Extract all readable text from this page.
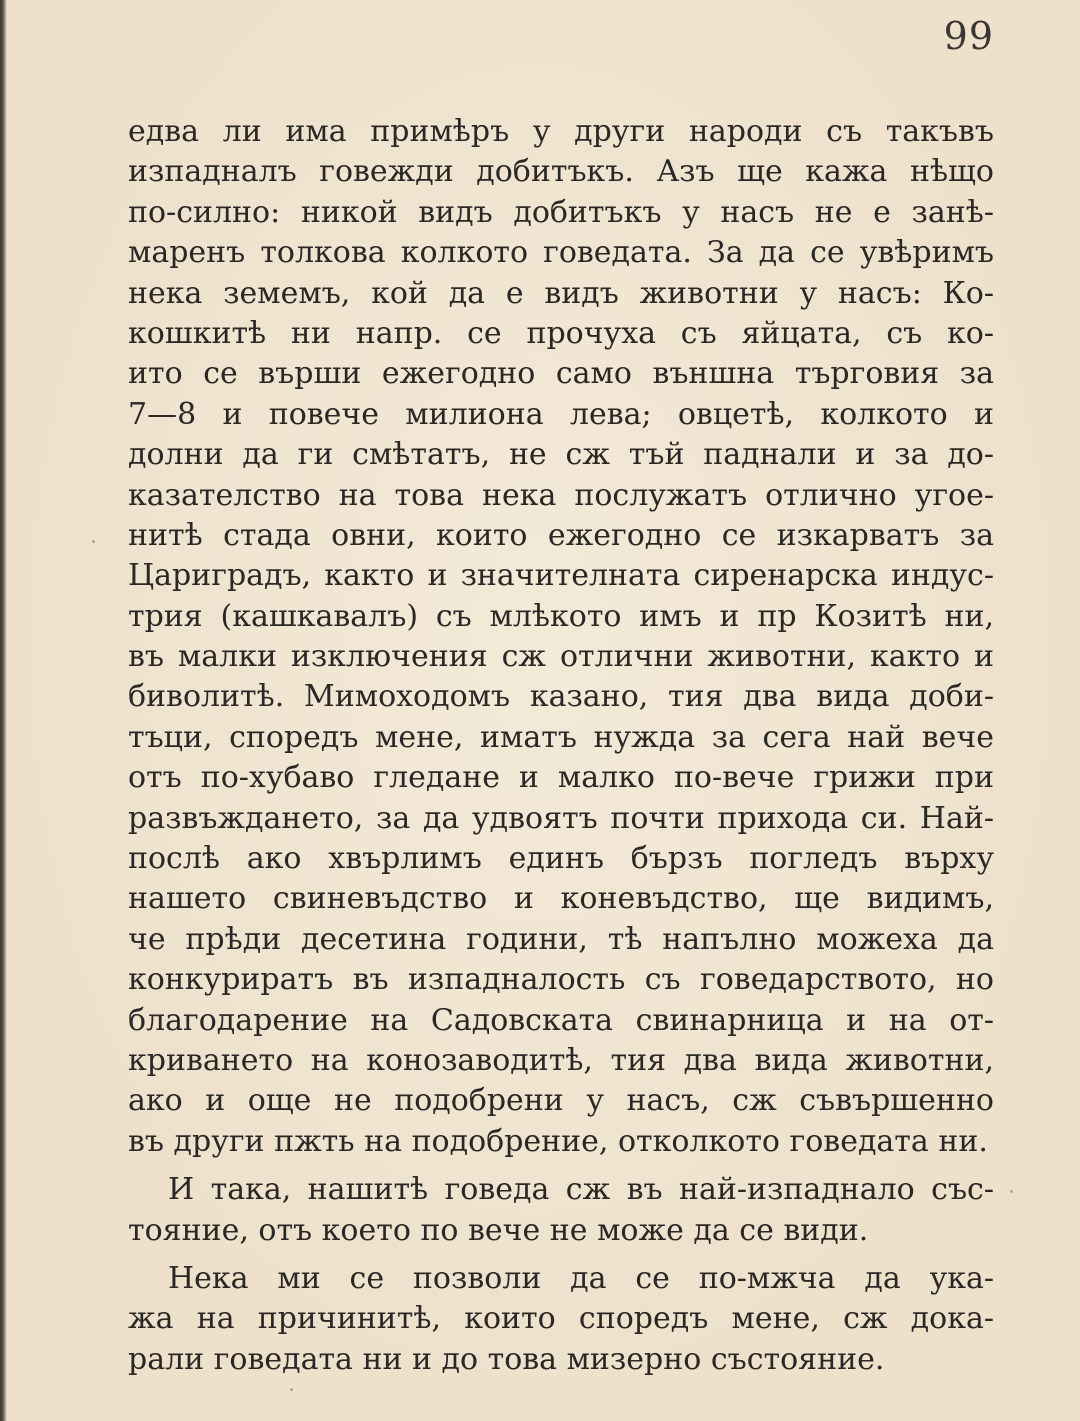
99
едва ли има примѣръ у други народи съ такъвъ
изпадналъ говежди добитъкъ. Азъ ще кажа нѣщо
по-силно: никой видъ добитъкъ у насъ не е занѣ-
маренъ толкова колкото говедата. За да се увѣримъ
нека земемъ, кой да е видъ животни у насъ: Ко-
кошкитѣ ни напр. се прочуха съ яйцата, съ ко-
ито се върши ежегодно само външна търговия за
7—8 и повече милиона лева; овцетѣ, колкото и
долни да ги смѣтатъ, не сж тъй паднали и за до-
казателство на това нека послужатъ отлично угое-
нитѣ стада овни, които ежегодно се изкарватъ за
Цариградъ, както и значителната сиренарска индус-
трия (кашкавалъ) съ млѣкото имъ и пр Козитѣ ни,
въ малки изключения сж отлични животни, както и
биволитѣ. Мимоходомъ казано, тия два вида доби-
тъци, споредъ мене, иматъ нужда за сега най вече
отъ по-хубаво гледане и малко по-вече грижи при
развъждането, за да удвоятъ почти прихода си. Най-
послѣ ако хвърлимъ единъ бързъ погледъ върху
нашето свиневъдство и коневъдство, ще видимъ,
че прѣди десетина години, тѣ напълно можеха да
конкуриратъ въ изпадналость съ говедарството, но
благодарение на Садовската свинарница и на от-
криването на конозаводитѣ, тия два вида животни,
ако и още не подобрени у насъ, сж съвършенно
въ други пжть на подобрение, отколкото говедата ни.
И така, нашитѣ говеда сж въ най-изпаднало със-
тояние, отъ което по вече не може да се види.
Нека ми се позволи да се по-мжча да ука-
жа на причинитѣ, които споредъ мене, сж дока-
рали говедата ни и до това мизерно състояние.
